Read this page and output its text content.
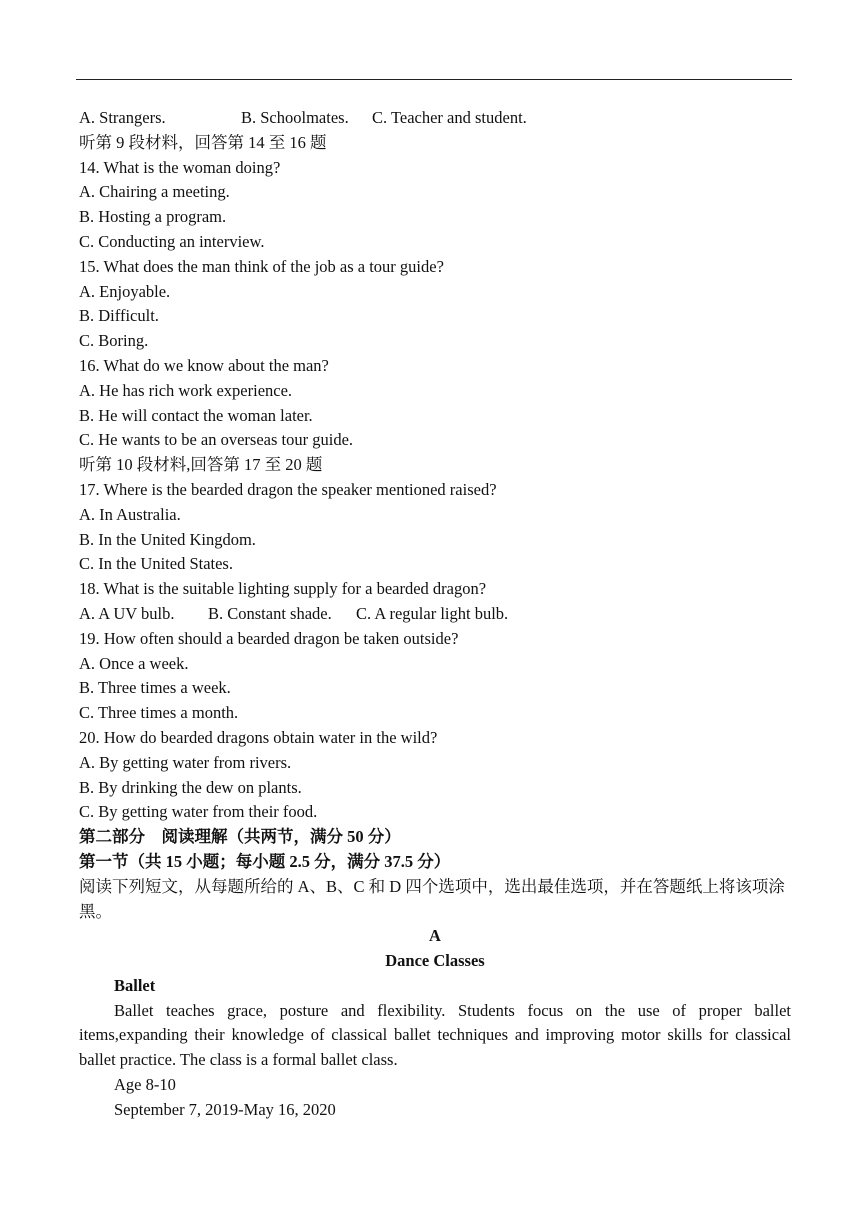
A. Strangers.	B. Schoolmates. C. Teacher and student.
听第 9 段材料，回答第 14 至 16 题
14. What is the woman doing?
A. Chairing a meeting.
B. Hosting a program.
C. Conducting an interview.
15. What does the man think of the job as a tour guide?
A. Enjoyable.
B. Difficult.
C. Boring.
16. What do we know about the man?
A. He has rich work experience.
B. He will contact the woman later.
C. He wants to be an overseas tour guide.
听第 10 段材料,回答第 17 至 20 题
17. Where is the bearded dragon the speaker mentioned raised?
A. In Australia.
B. In the United Kingdom.
C. In the United States.
18. What is the suitable lighting supply for a bearded dragon?
A. A UV bulb. B. Constant shade. C. A regular light bulb.
19. How often should a bearded dragon be taken outside?
A. Once a week.
B. Three times a week.
C. Three times a month.
20. How do bearded dragons obtain water in the wild?
A. By getting water from rivers.
B. By drinking the dew on plants.
C. By getting water from their food.
第二部分　阅读理解（共两节，满分 50 分）
第一节（共 15 小题；每小题 2.5 分，满分 37.5 分）
阅读下列短文，从每题所给的 A、B、C 和 D 四个选项中，选出最佳选项，并在答题纸上将该项涂黑。
A
Dance Classes
Ballet
Ballet teaches grace, posture and flexibility. Students focus on the use of proper ballet items,expanding their knowledge of classical ballet techniques and improving motor skills for classical ballet practice. The class is a formal ballet class.
Age 8-10
September 7, 2019-May 16, 2020
